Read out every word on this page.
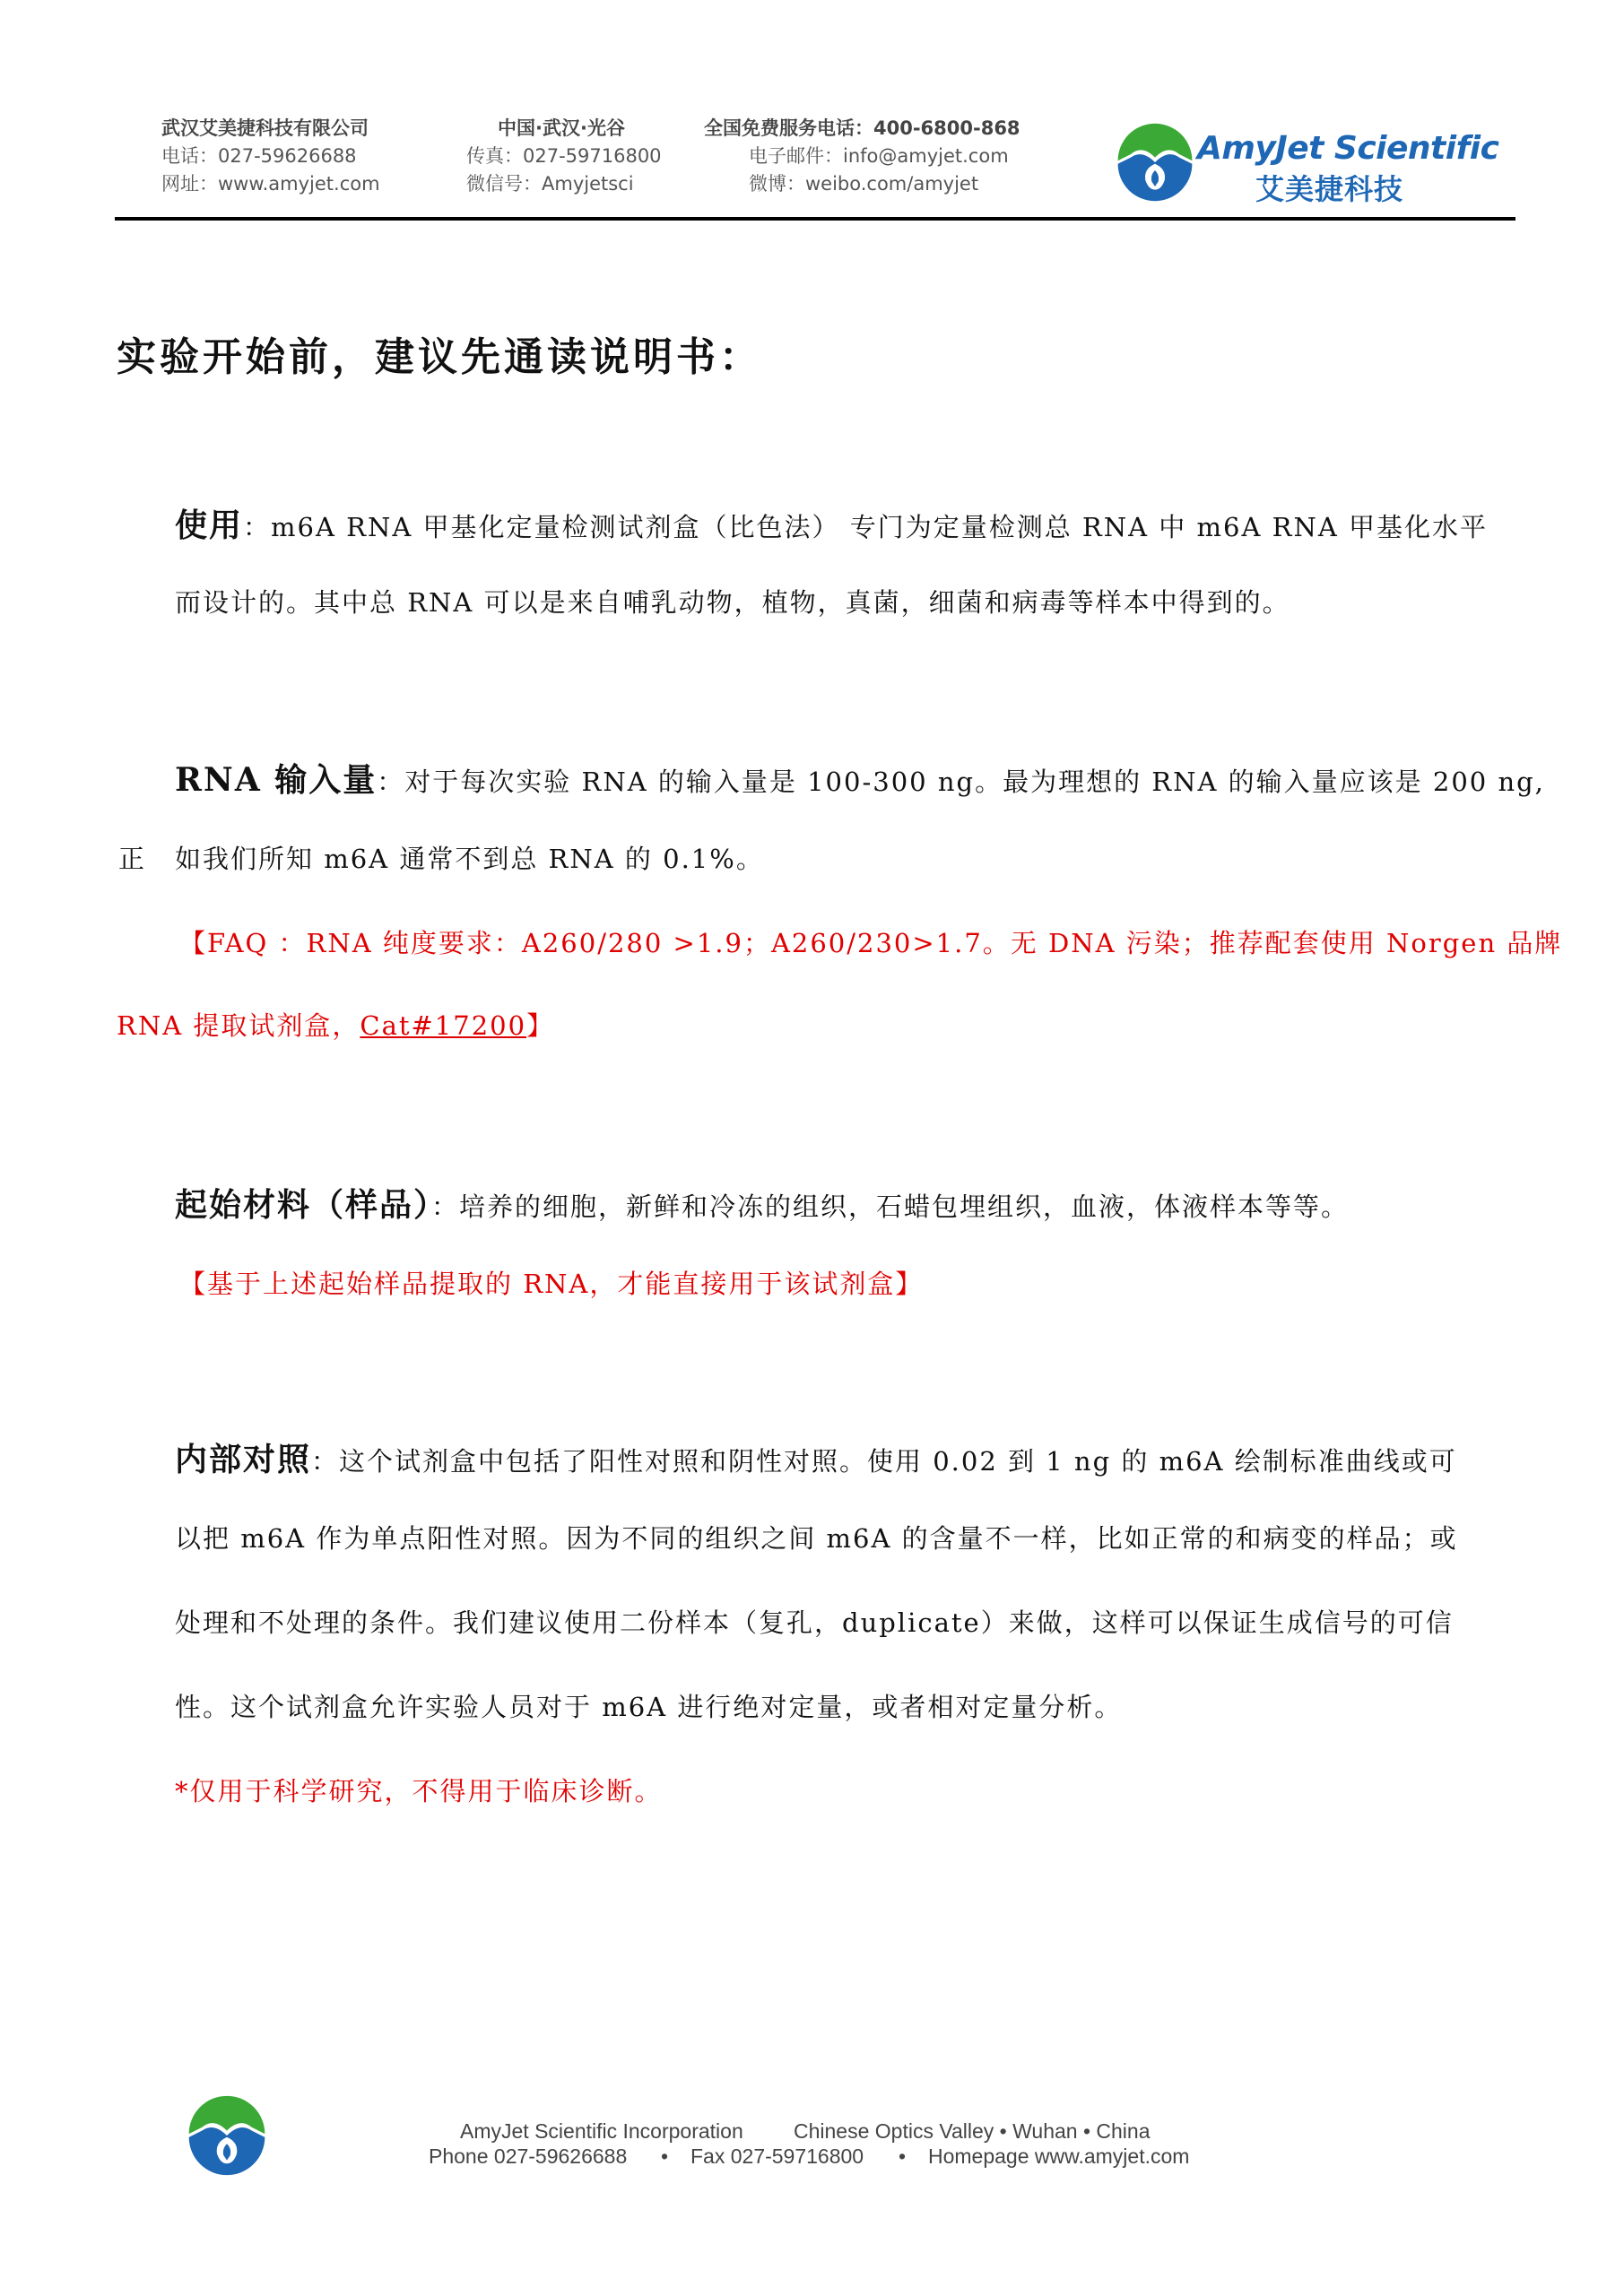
武汉艾美捷科技有限公司
电话：027-59626688
网址：www.amyjet.com
中国·武汉·光谷
传真：027-59716800
微信号：Amyjetsci
全国免费服务电话：400-6800-868
电子邮件：info@amyjet.com
微博：weibo.com/amyjet
AmyJet Scientific
艾美捷科技
实验开始前，建议先通读说明书：
使用：m6A RNA 甲基化定量检测试剂盒（比色法） 专门为定量检测总 RNA 中 m6A RNA 甲基化水平
而设计的。其中总 RNA 可以是来自哺乳动物，植物，真菌，细菌和病毒等样本中得到的。
RNA 输入量：对于每次实验 RNA 的输入量是 100-300 ng。最为理想的 RNA 的输入量应该是 200 ng,
正 如我们所知 m6A 通常不到总 RNA 的 0.1%。
【FAQ ：RNA 纯度要求：A260/280 >1.9；A260/230>1.7。无 DNA 污染；推荐配套使用 Norgen 品牌
RNA 提取试剂盒，Cat#17200】
起始材料（样品）：培养的细胞，新鲜和冷冻的组织，石蜡包埋组织，血液，体液样本等等。
【基于上述起始样品提取的 RNA，才能直接用于该试剂盒】
内部对照：这个试剂盒中包括了阳性对照和阴性对照。使用 0.02 到 1 ng 的 m6A 绘制标准曲线或可
以把 m6A 作为单点阳性对照。因为不同的组织之间 m6A 的含量不一样，比如正常的和病变的样品；或
处理和不处理的条件。我们建议使用二份样本（复孔，duplicate）来做，这样可以保证生成信号的可信
性。这个试剂盒允许实验人员对于 m6A 进行绝对定量，或者相对定量分析。
*仅用于科学研究，不得用于临床诊断。
AmyJet Scientific Incorporation Chinese Optics Valley • Wuhan • China
Phone 027-59626688 • Fax 027-59716800 • Homepage www.amyjet.com
